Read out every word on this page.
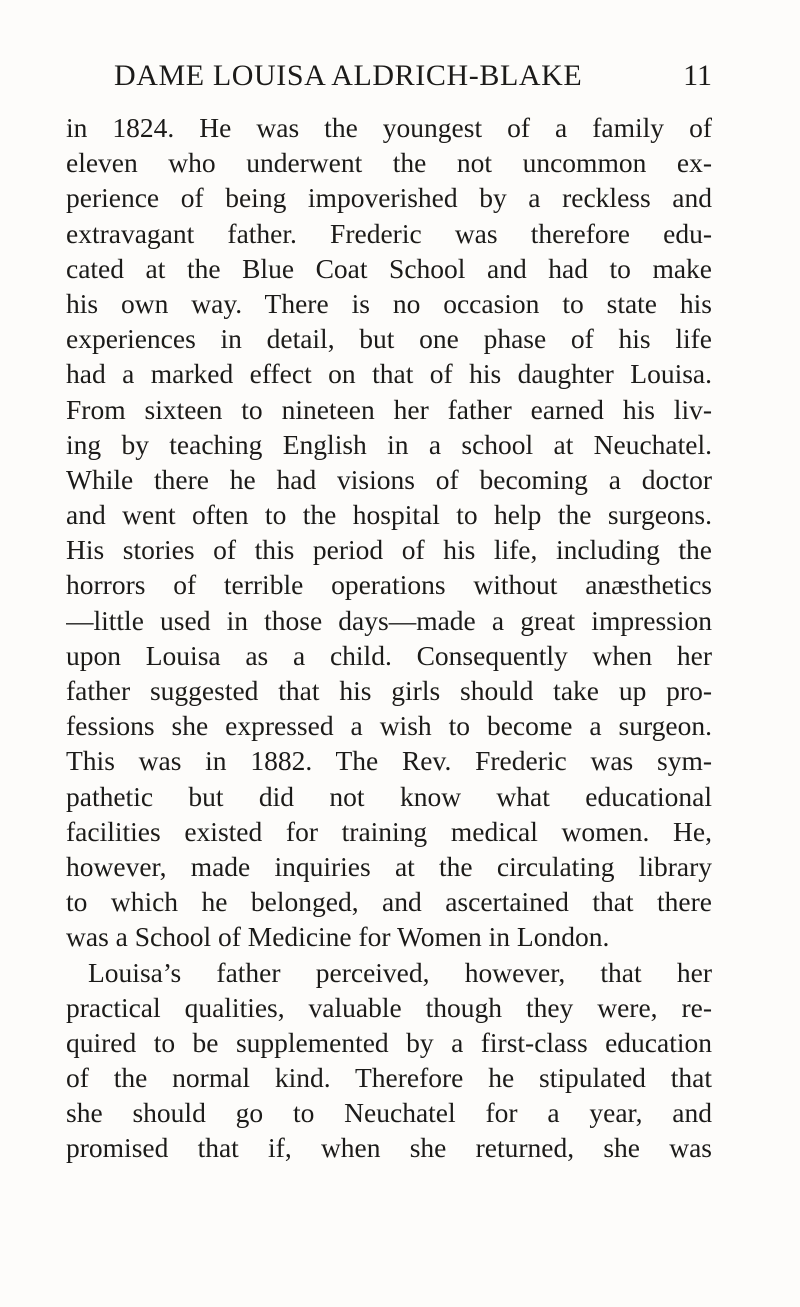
DAME LOUISA ALDRICH-BLAKE	11
in 1824. He was the youngest of a family of
eleven who underwent the not uncommon ex-
perience of being impoverished by a reckless and
extravagant father. Frederic was therefore edu-
cated at the Blue Coat School and had to make
his own way. There is no occasion to state his
experiences in detail, but one phase of his life
had a marked effect on that of his daughter Louisa.
From sixteen to nineteen her father earned his liv-
ing by teaching English in a school at Neuchatel.
While there he had visions of becoming a doctor
and went often to the hospital to help the surgeons.
His stories of this period of his life, including the
horrors of terrible operations without anæsthetics
—little used in those days—made a great impression
upon Louisa as a child. Consequently when her
father suggested that his girls should take up pro-
fessions she expressed a wish to become a surgeon.
This was in 1882. The Rev. Frederic was sym-
pathetic but did not know what educational
facilities existed for training medical women. He,
however, made inquiries at the circulating library
to which he belonged, and ascertained that there
was a School of Medicine for Women in London.
Louisa’s father perceived, however, that her
practical qualities, valuable though they were, re-
quired to be supplemented by a first-class education
of the normal kind. Therefore he stipulated that
she should go to Neuchatel for a year, and
promised that if, when she returned, she was
